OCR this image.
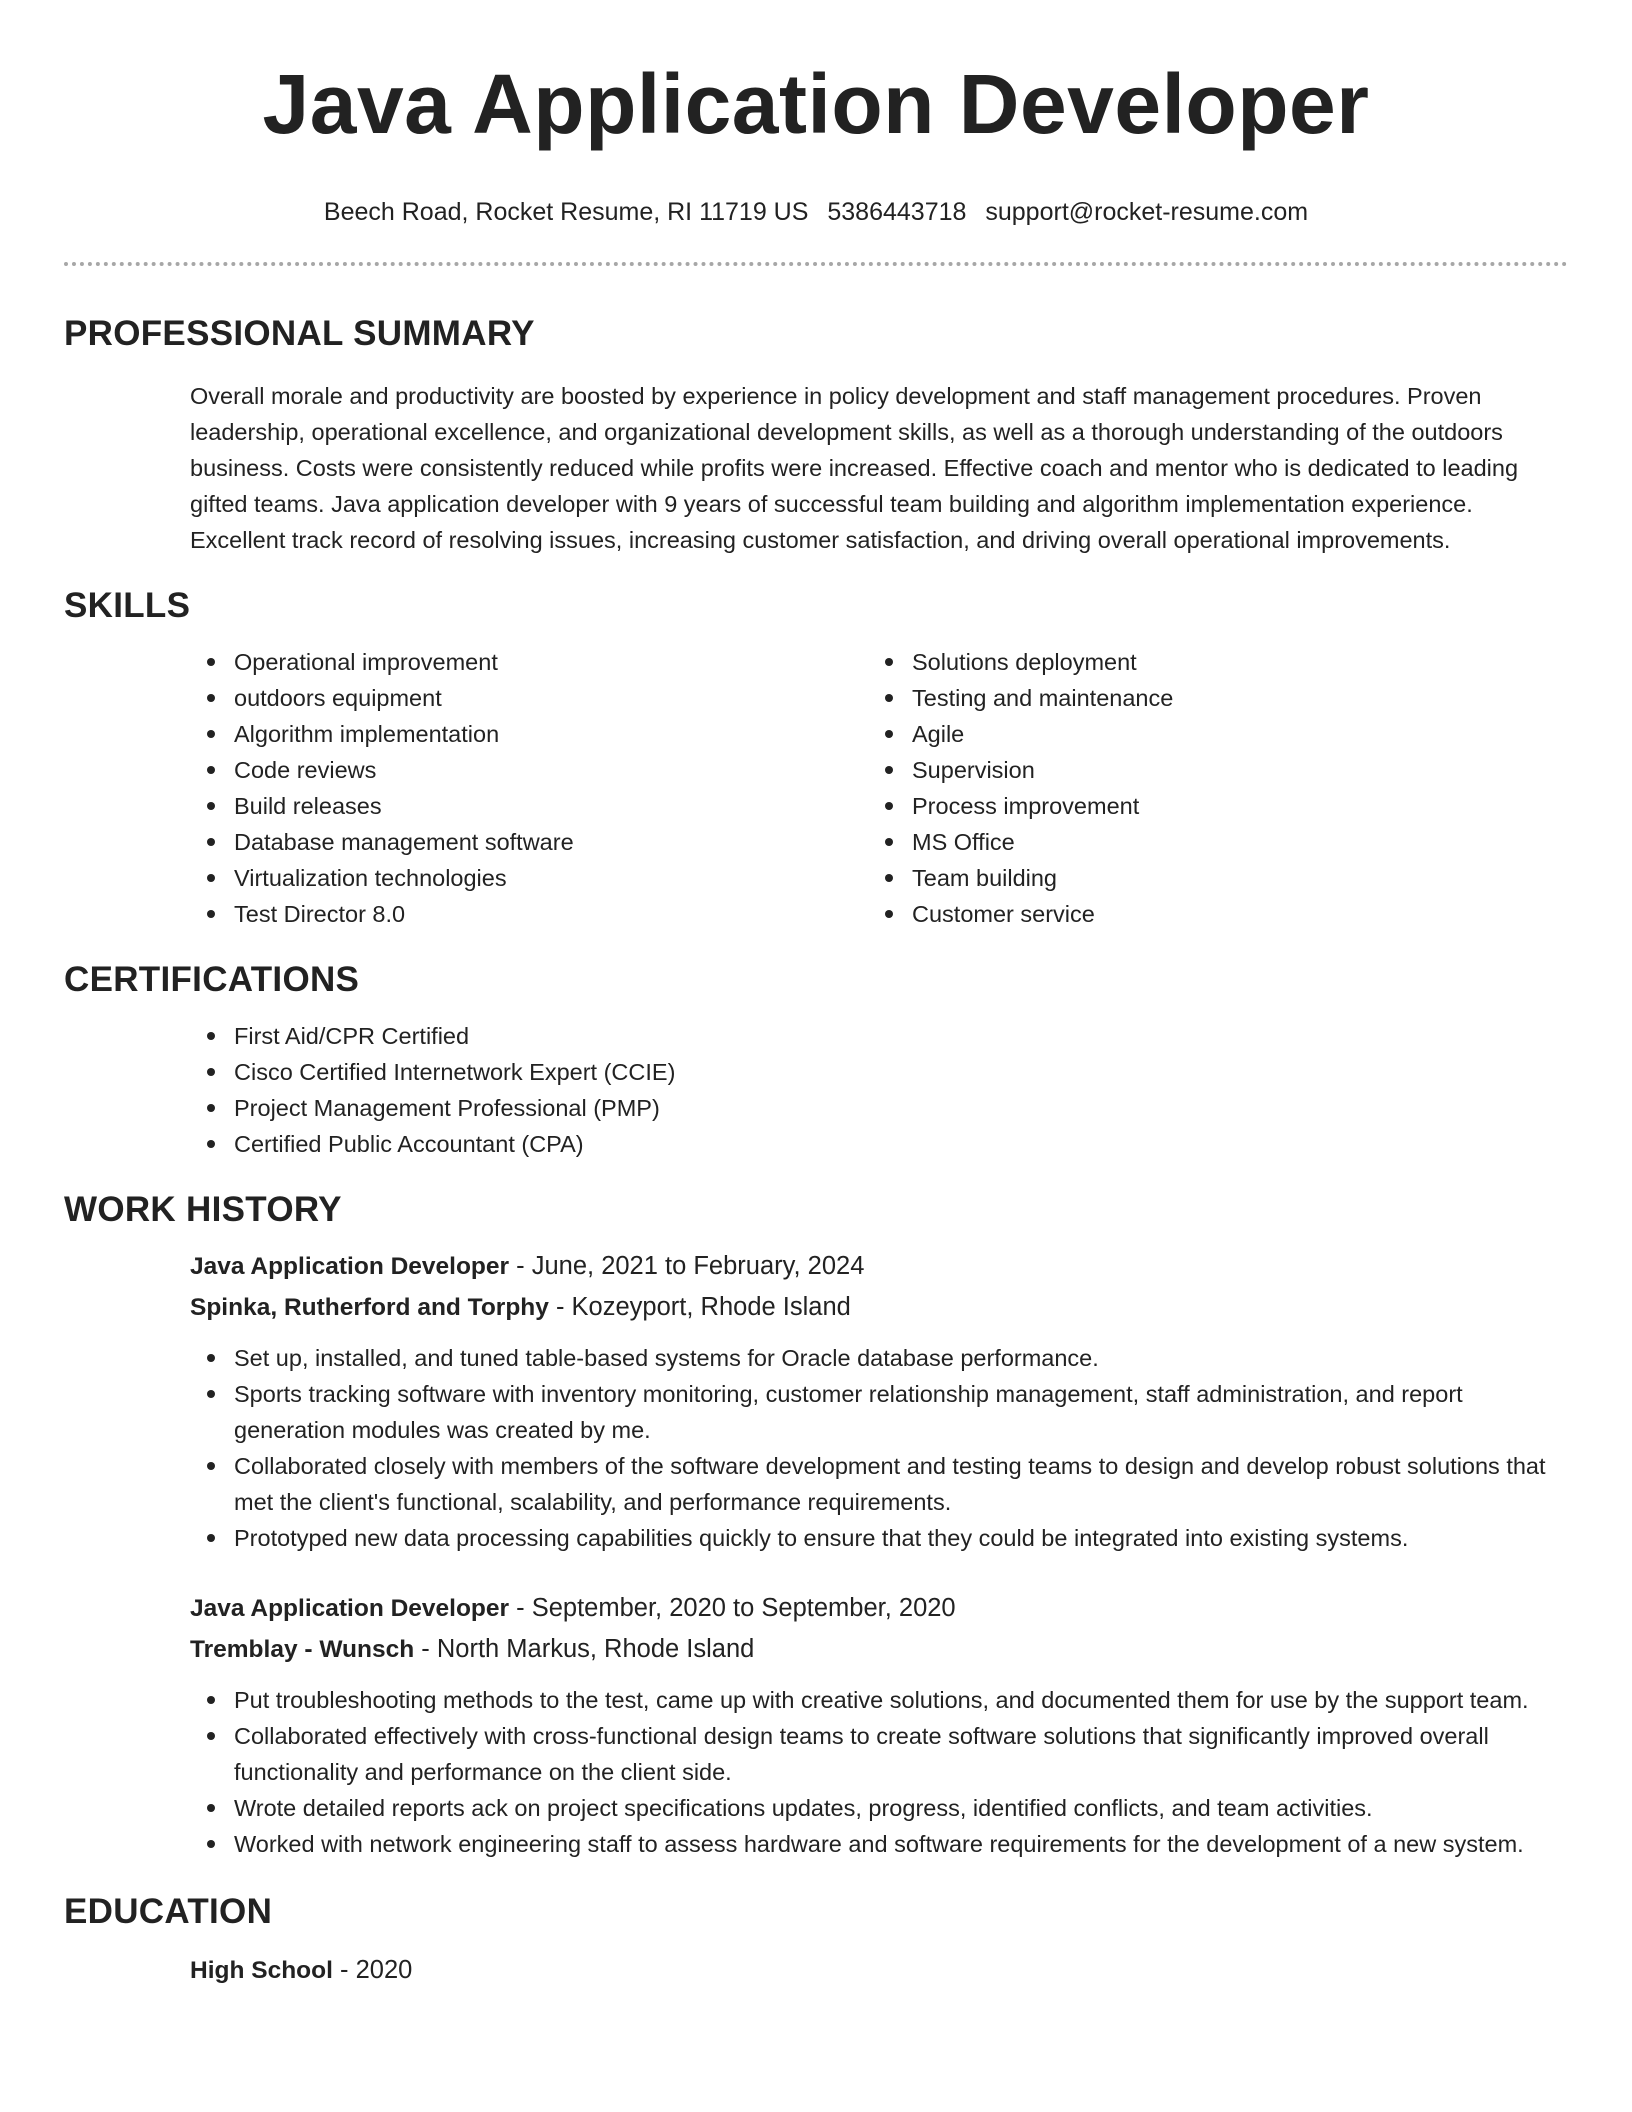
Java Application Developer
Beech Road, Rocket Resume, RI 11719 US 5386443718 support@rocket-resume.com
PROFESSIONAL SUMMARY
Overall morale and productivity are boosted by experience in policy development and staff management procedures. Proven leadership, operational excellence, and organizational development skills, as well as a thorough understanding of the outdoors business. Costs were consistently reduced while profits were increased. Effective coach and mentor who is dedicated to leading gifted teams. Java application developer with 9 years of successful team building and algorithm implementation experience. Excellent track record of resolving issues, increasing customer satisfaction, and driving overall operational improvements.
SKILLS
Operational improvement
outdoors equipment
Algorithm implementation
Code reviews
Build releases
Database management software
Virtualization technologies
Test Director 8.0
Solutions deployment
Testing and maintenance
Agile
Supervision
Process improvement
MS Office
Team building
Customer service
CERTIFICATIONS
First Aid/CPR Certified
Cisco Certified Internetwork Expert (CCIE)
Project Management Professional (PMP)
Certified Public Accountant (CPA)
WORK HISTORY
Java Application Developer - June, 2021 to February, 2024
Spinka, Rutherford and Torphy - Kozeyport, Rhode Island
Set up, installed, and tuned table-based systems for Oracle database performance.
Sports tracking software with inventory monitoring, customer relationship management, staff administration, and report generation modules was created by me.
Collaborated closely with members of the software development and testing teams to design and develop robust solutions that met the client's functional, scalability, and performance requirements.
Prototyped new data processing capabilities quickly to ensure that they could be integrated into existing systems.
Java Application Developer - September, 2020 to September, 2020
Tremblay - Wunsch - North Markus, Rhode Island
Put troubleshooting methods to the test, came up with creative solutions, and documented them for use by the support team.
Collaborated effectively with cross-functional design teams to create software solutions that significantly improved overall functionality and performance on the client side.
Wrote detailed reports ack on project specifications updates, progress, identified conflicts, and team activities.
Worked with network engineering staff to assess hardware and software requirements for the development of a new system.
EDUCATION
High School - 2020
